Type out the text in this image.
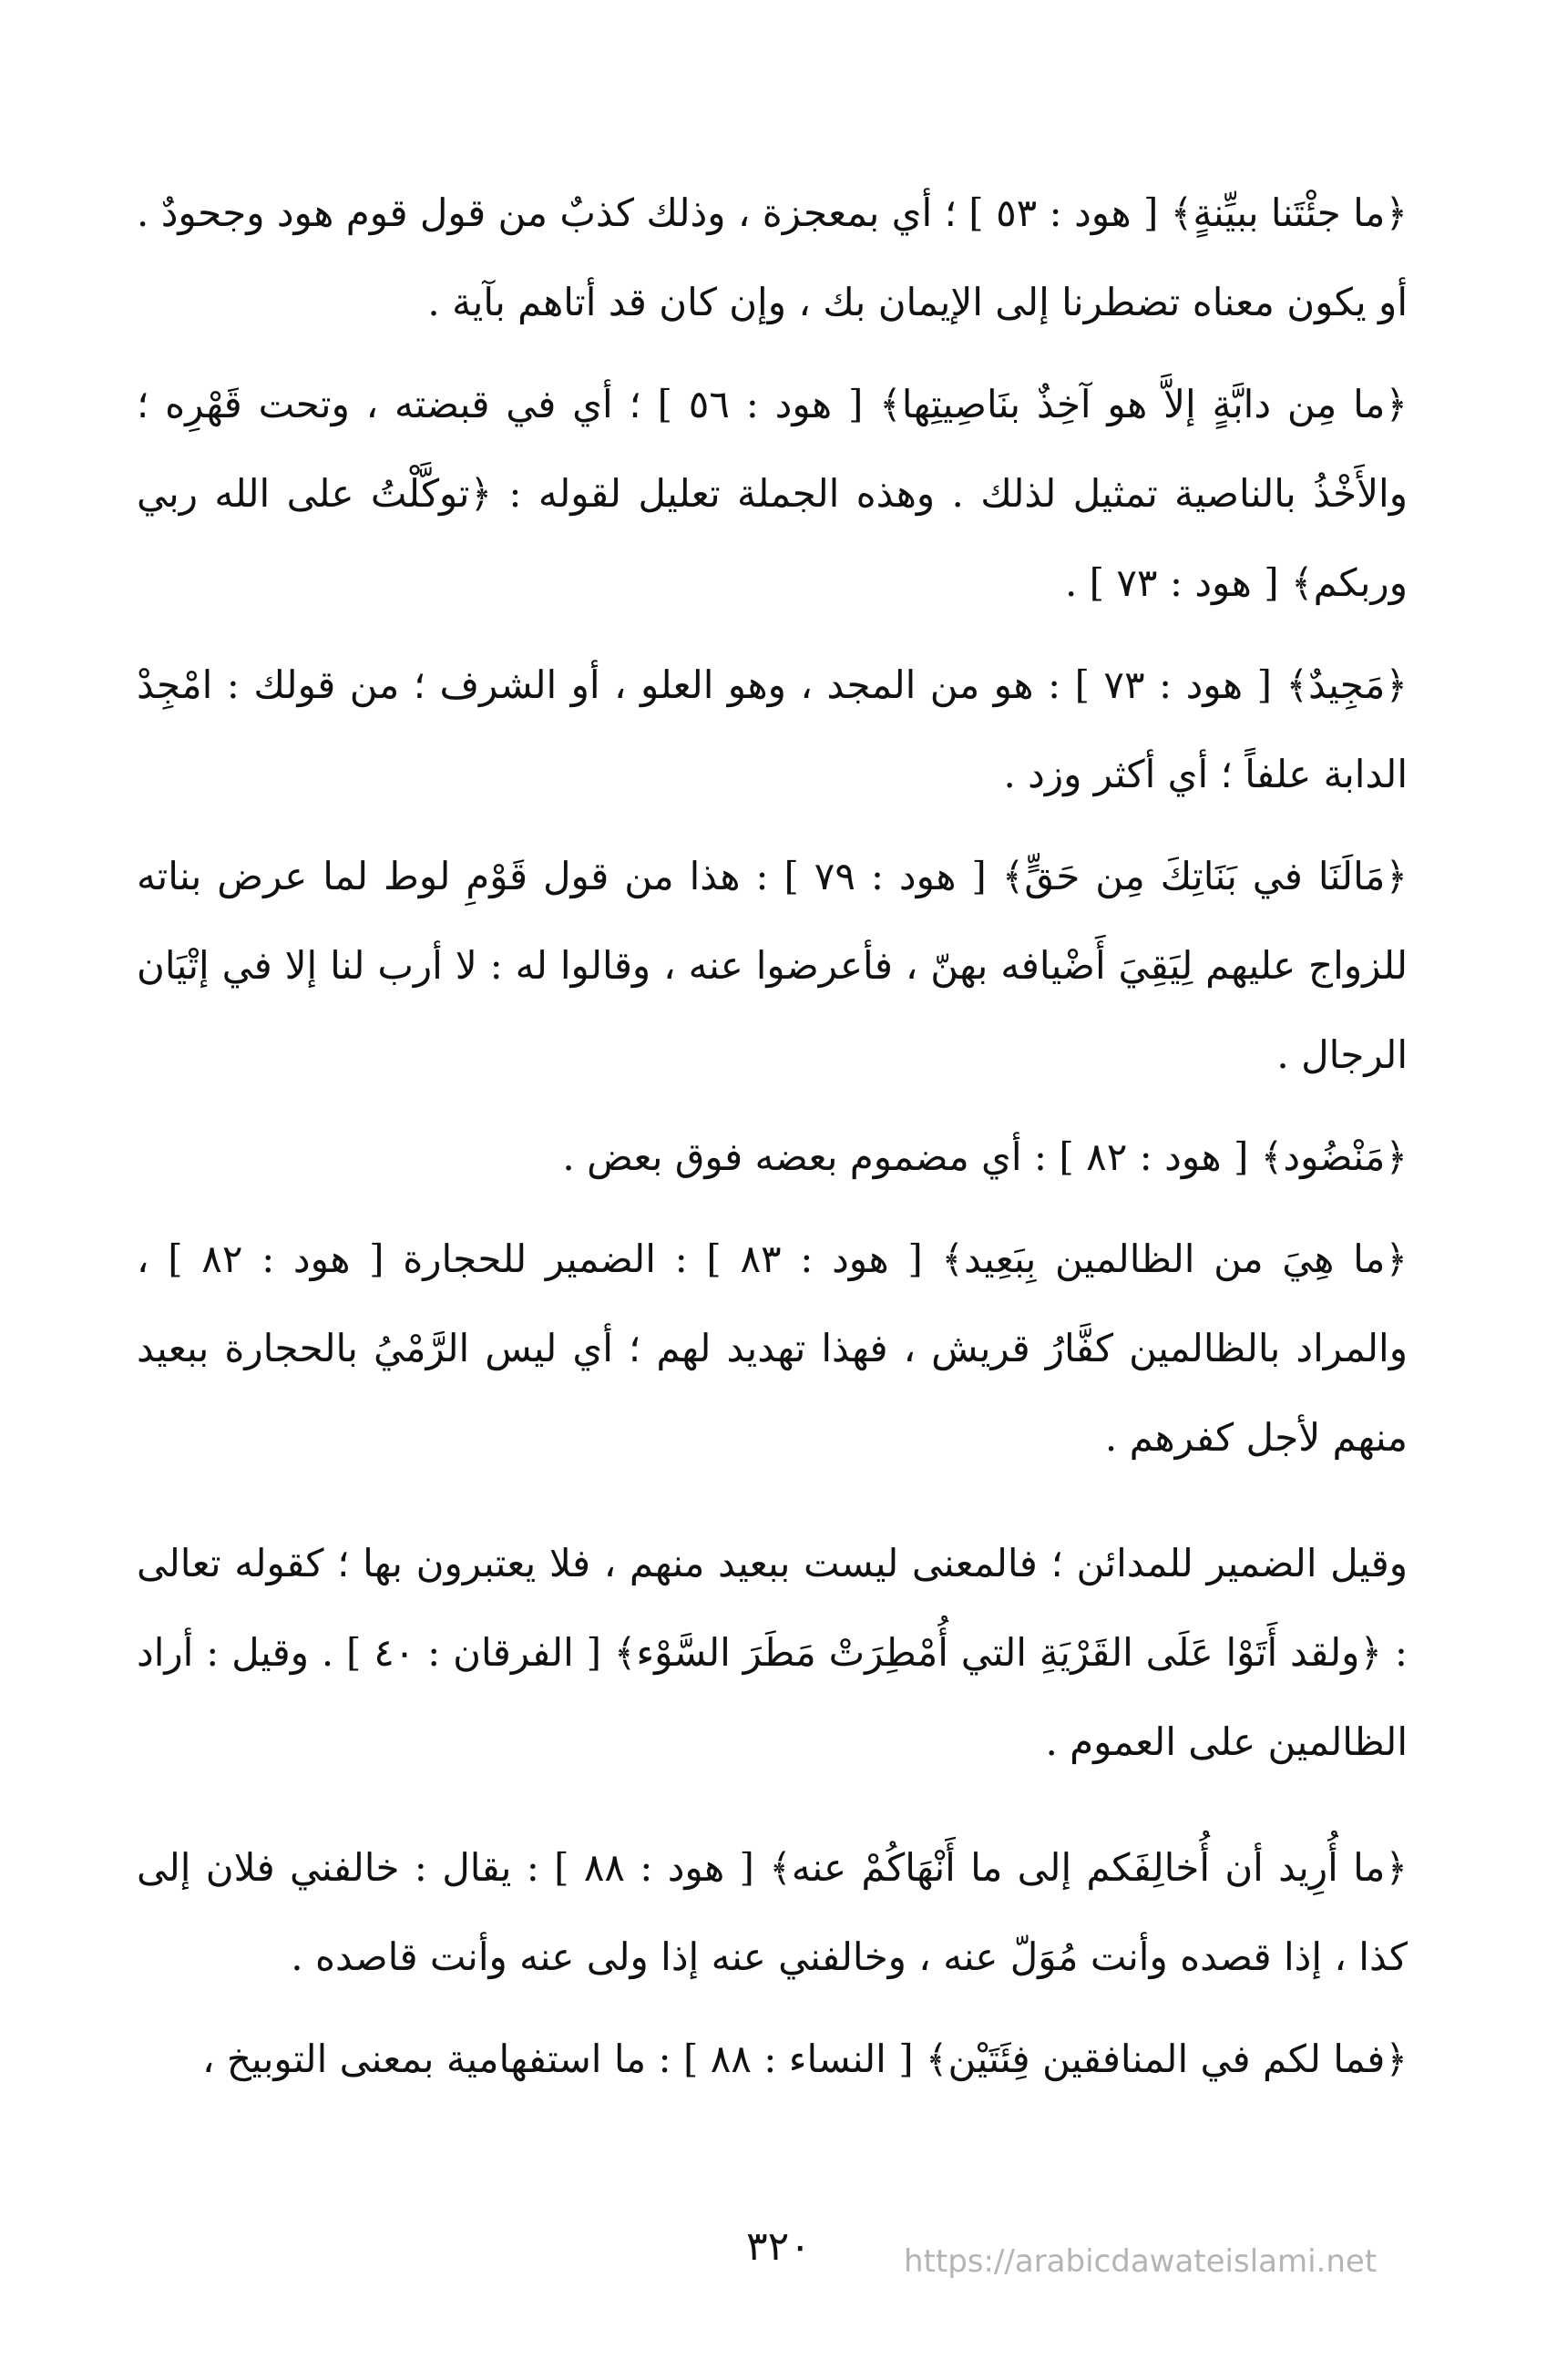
﴿ما جئْتَنا ببيِّنةٍ﴾ [ هود : ٥٣ ] ؛ أي بمعجزة ، وذلك كذبٌ من قول قوم هود وجحودٌ . أو يكون معناه تضطرنا إلى الإيمان بك ، وإن كان قد أتاهم بآية .

﴿ما مِن دابَّةٍ إلاَّ هو آخِذٌ بنَاصِيتِها﴾ [ هود : ٥٦ ] ؛ أي في قبضته ، وتحت قَهْرِه ؛ والأَخْذُ بالناصية تمثيل لذلك . وهذه الجملة تعليل لقوله : ﴿توكَّلْتُ على الله ربي وربكم﴾ [ هود : ٧٣ ] .

﴿مَجِيدٌ﴾ [ هود : ٧٣ ] : هو من المجد ، وهو العلو ، أو الشرف ؛ من قولك : امْجِدْ الدابة علفاً ؛ أي أكثر وزد .

﴿مَالَنَا في بَنَاتِكَ مِن حَقٍّ﴾ [ هود : ٧٩ ] : هذا من قول قَوْمِ لوط لما عرض بناته للزواج عليهم لِيَقِيَ أَضْيافه بهنّ ، فأعرضوا عنه ، وقالوا له : لا أرب لنا إلا في إتْيَان الرجال .

﴿مَنْضُود﴾ [ هود : ٨٢ ] : أي مضموم بعضه فوق بعض .

﴿ما هِيَ من الظالمين بِبَعِيد﴾ [ هود : ٨٣ ] : الضمير للحجارة [ هود : ٨٢ ] ، والمراد بالظالمين كفَّارُ قريش ، فهذا تهديد لهم ؛ أي ليس الرَّمْيُ بالحجارة ببعيد منهم لأجل كفرهم .

وقيل الضمير للمدائن ؛ فالمعنى ليست ببعيد منهم ، فلا يعتبرون بها ؛ كقوله تعالى : ﴿ولقد أَتَوْا عَلَى القَرْيَةِ التي أُمْطِرَتْ مَطَرَ السَّوْء﴾ [ الفرقان : ٤٠ ] . وقيل : أراد الظالمين على العموم .

﴿ما أُرِيد أن أُخالِفَكم إلى ما أَنْهَاكُمْ عنه﴾ [ هود : ٨٨ ] : يقال : خالفني فلان إلى كذا ، إذا قصده وأنت مُوَلّ عنه ، وخالفني عنه إذا ولى عنه وأنت قاصده .

﴿فما لكم في المنافقين فِئَتَيْن﴾ [ النساء : ٨٨ ] : ما استفهامية بمعنى التوبيخ ،

٣٢٠	https://arabicdawateislami.net
